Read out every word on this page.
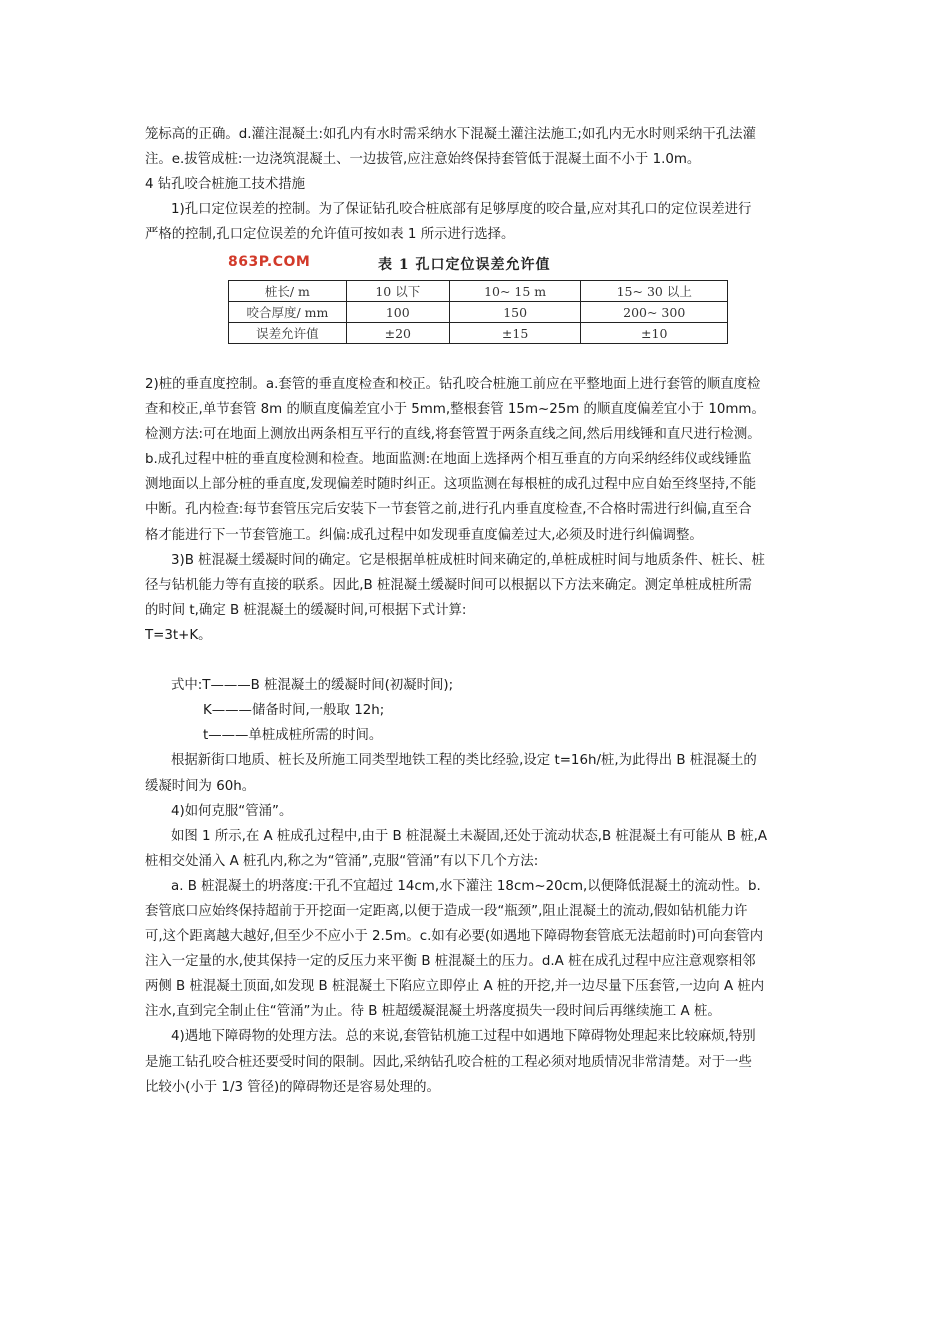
笼标高的正确。d.灌注混凝土:如孔内有水时需采纳水下混凝土灌注法施工;如孔内无水时则采纳干孔法灌
注。e.拔管成桩:一边浇筑混凝土、一边拔管,应注意始终保持套管低于混凝土面不小于 1.0m。
4 钻孔咬合桩施工技术措施
1)孔口定位误差的控制。为了保证钻孔咬合桩底部有足够厚度的咬合量,应对其孔口的定位误差进行
严格的控制,孔口定位误差的允许值可按如表 1 所示进行选择。
863P.COM	表 1 孔口定位误差允许值
桩长/ m	10 以下	10~ 15 m	15~ 30 以上
咬合厚度/ mm	100	150	200~ 300
误差允许值	±20	±15	±10
2)桩的垂直度控制。a.套管的垂直度检查和校正。钻孔咬合桩施工前应在平整地面上进行套管的顺直度检
查和校正,单节套管 8m 的顺直度偏差宜小于 5mm,整根套管 15m~25m 的顺直度偏差宜小于 10mm。
检测方法:可在地面上测放出两条相互平行的直线,将套管置于两条直线之间,然后用线锤和直尺进行检测。
b.成孔过程中桩的垂直度检测和检查。地面监测:在地面上选择两个相互垂直的方向采纳经纬仪或线锤监
测地面以上部分桩的垂直度,发现偏差时随时纠正。这项监测在每根桩的成孔过程中应自始至终坚持,不能
中断。孔内检查:每节套管压完后安装下一节套管之前,进行孔内垂直度检查,不合格时需进行纠偏,直至合
格才能进行下一节套管施工。纠偏:成孔过程中如发现垂直度偏差过大,必须及时进行纠偏调整。
3)B 桩混凝土缓凝时间的确定。它是根据单桩成桩时间来确定的,单桩成桩时间与地质条件、桩长、桩
径与钻机能力等有直接的联系。因此,B 桩混凝土缓凝时间可以根据以下方法来确定。测定单桩成桩所需
的时间 t,确定 B 桩混凝土的缓凝时间,可根据下式计算:
T=3t+K。
式中:T———B 桩混凝土的缓凝时间(初凝时间);
K———储备时间,一般取 12h;
t———单桩成桩所需的时间。
根据新街口地质、桩长及所施工同类型地铁工程的类比经验,设定 t=16h/桩,为此得出 B 桩混凝土的
缓凝时间为 60h。
4)如何克服“管涌”。
如图 1 所示,在 A 桩成孔过程中,由于 B 桩混凝土未凝固,还处于流动状态,B 桩混凝土有可能从 B 桩,A
桩相交处涌入 A 桩孔内,称之为“管涌”,克服“管涌”有以下几个方法:
a. B 桩混凝土的坍落度:干孔不宜超过 14cm,水下灌注 18cm~20cm,以便降低混凝土的流动性。b.
套管底口应始终保持超前于开挖面一定距离,以便于造成一段“瓶颈”,阻止混凝土的流动,假如钻机能力许
可,这个距离越大越好,但至少不应小于 2.5m。c.如有必要(如遇地下障碍物套管底无法超前时)可向套管内
注入一定量的水,使其保持一定的反压力来平衡 B 桩混凝土的压力。d.A 桩在成孔过程中应注意观察相邻
两侧 B 桩混凝土顶面,如发现 B 桩混凝土下陷应立即停止 A 桩的开挖,并一边尽量下压套管,一边向 A 桩内
注水,直到完全制止住“管涌”为止。待 B 桩超缓凝混凝土坍落度损失一段时间后再继续施工 A 桩。
4)遇地下障碍物的处理方法。总的来说,套管钻机施工过程中如遇地下障碍物处理起来比较麻烦,特别
是施工钻孔咬合桩还要受时间的限制。因此,采纳钻孔咬合桩的工程必须对地质情况非常清楚。对于一些
比较小(小于 1/3 管径)的障碍物还是容易处理的。
